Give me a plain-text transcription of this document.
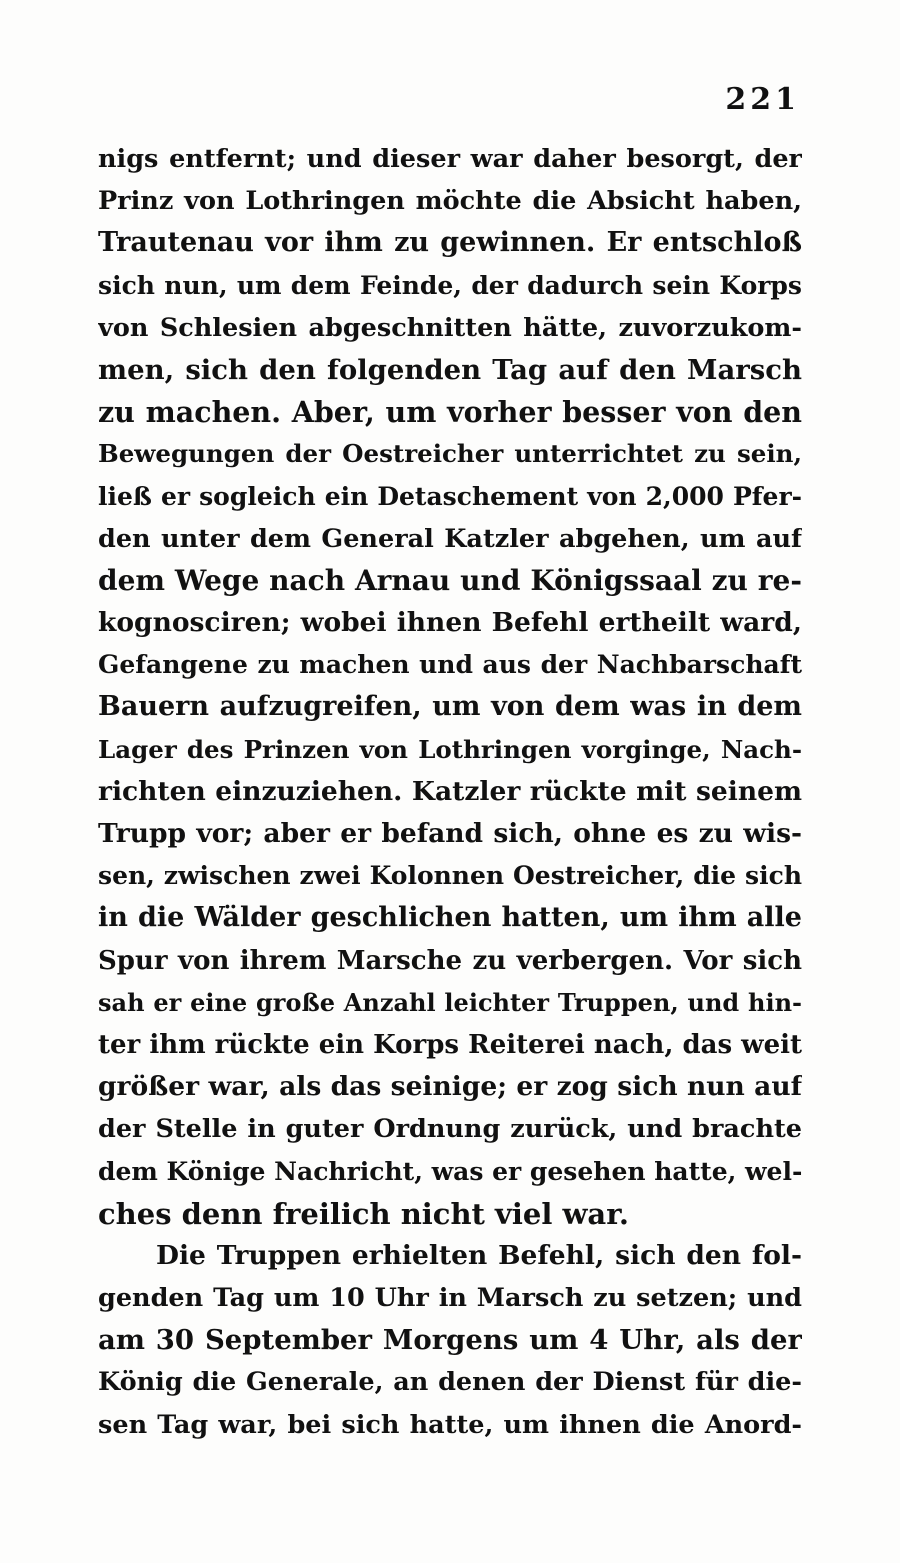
221
nigs entfernt; und dieser war daher besorgt, der
Prinz von Lothringen möchte die Absicht haben,
Trautenau vor ihm zu gewinnen. Er entschloß
sich nun, um dem Feinde, der dadurch sein Korps
von Schlesien abgeschnitten hätte, zuvorzukom-
men, sich den folgenden Tag auf den Marsch
zu machen. Aber, um vorher besser von den
Bewegungen der Oestreicher unterrichtet zu sein,
ließ er sogleich ein Detaschement von 2,000 Pfer-
den unter dem General Katzler abgehen, um auf
dem Wege nach Arnau und Königssaal zu re-
kognosciren; wobei ihnen Befehl ertheilt ward,
Gefangene zu machen und aus der Nachbarschaft
Bauern aufzugreifen, um von dem was in dem
Lager des Prinzen von Lothringen vorginge, Nach-
richten einzuziehen. Katzler rückte mit seinem
Trupp vor; aber er befand sich, ohne es zu wis-
sen, zwischen zwei Kolonnen Oestreicher, die sich
in die Wälder geschlichen hatten, um ihm alle
Spur von ihrem Marsche zu verbergen. Vor sich
sah er eine große Anzahl leichter Truppen, und hin-
ter ihm rückte ein Korps Reiterei nach, das weit
größer war, als das seinige; er zog sich nun auf
der Stelle in guter Ordnung zurück, und brachte
dem Könige Nachricht, was er gesehen hatte, wel-
ches denn freilich nicht viel war.
Die Truppen erhielten Befehl, sich den fol-
genden Tag um 10 Uhr in Marsch zu setzen; und
am 30 September Morgens um 4 Uhr, als der
König die Generale, an denen der Dienst für die-
sen Tag war, bei sich hatte, um ihnen die Anord-
